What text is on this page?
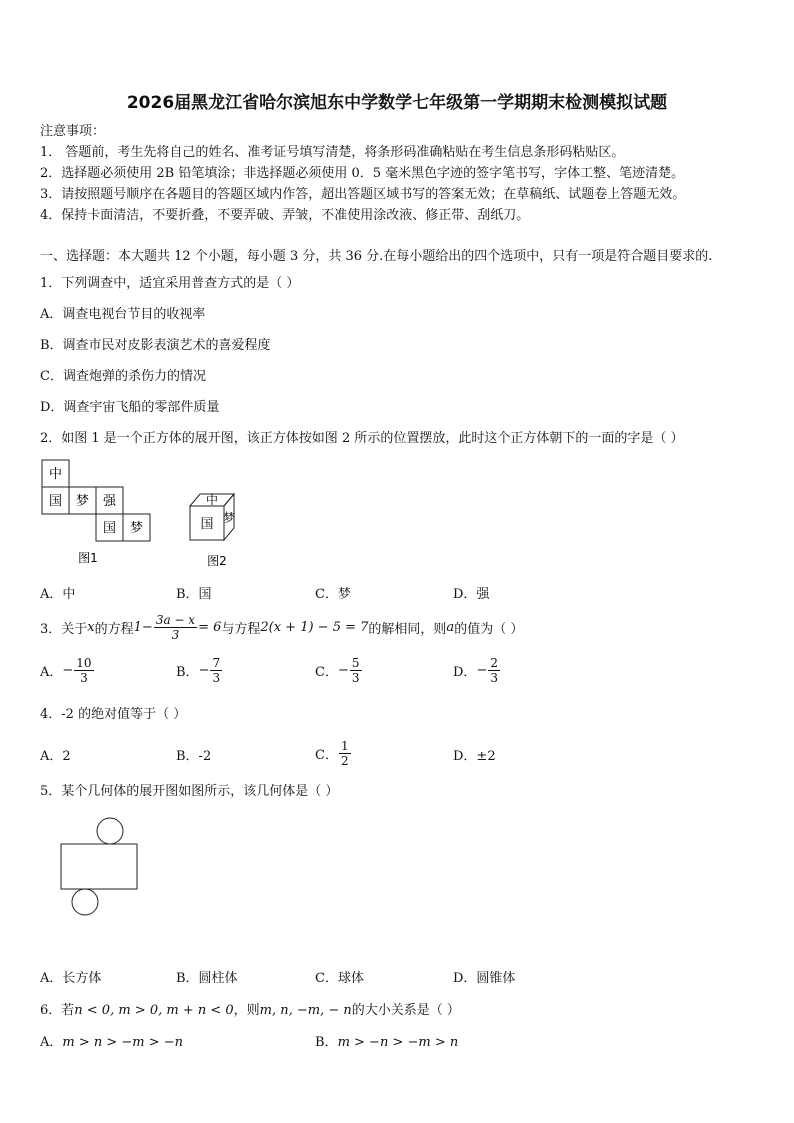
2026届黑龙江省哈尔滨旭东中学数学七年级第一学期期末检测模拟试题
注意事项：
1． 答题前，考生先将自己的姓名、准考证号填写清楚，将条形码准确粘贴在考生信息条形码粘贴区。
2．选择题必须使用 2B 铅笔填涂；非选择题必须使用 0．5 毫米黑色字迹的签字笔书写，字体工整、笔迹清楚。
3．请按照题号顺序在各题目的答题区域内作答，超出答题区域书写的答案无效；在草稿纸、试题卷上答题无效。
4．保持卡面清洁，不要折叠，不要弄破、弄皱，不准使用涂改液、修正带、刮纸刀。
一、选择题：本大题共 12 个小题，每小题 3 分，共 36 分.在每小题给出的四个选项中，只有一项是符合题目要求的.
1．下列调查中，适宜采用普查方式的是（ ）
A．调查电视台节目的收视率
B．调查市民对皮影表演艺术的喜爱程度
C．调查炮弹的杀伤力的情况
D．调查宇宙飞船的零部件质量
2．如图 1 是一个正方体的展开图，该正方体按如图 2 所示的位置摆放，此时这个正方体朝下的一面的字是（ ）
中
国 梦 强
国 梦
中
国 梦
图1	图2
A．中	B．国	C．梦	D．强
3．关于 x 的方程 $1- \frac{3a - x}{3} = 6$ 与方程 2(x + 1) − 5 = 7 的解相同，则 a 的值为（ ）
A． − $\frac{10}{3}$	B． − $\frac{7}{3}$	C． − $\frac{5}{3}$	D． − $\frac{2}{3}$
4．-2 的绝对值等于（ ）
A．2	B．-2	C． $\frac{1}{2}$	D．±2
5．某个几何体的展开图如图所示，该几何体是（ ）
A．长方体	B．圆柱体	C．球体	D．圆锥体
6．若n < 0, m > 0, m + n < 0，则m, n, −m, − n的大小关系是（ ）
A．m > n > −m > −n	B．m > −n > −m > n
